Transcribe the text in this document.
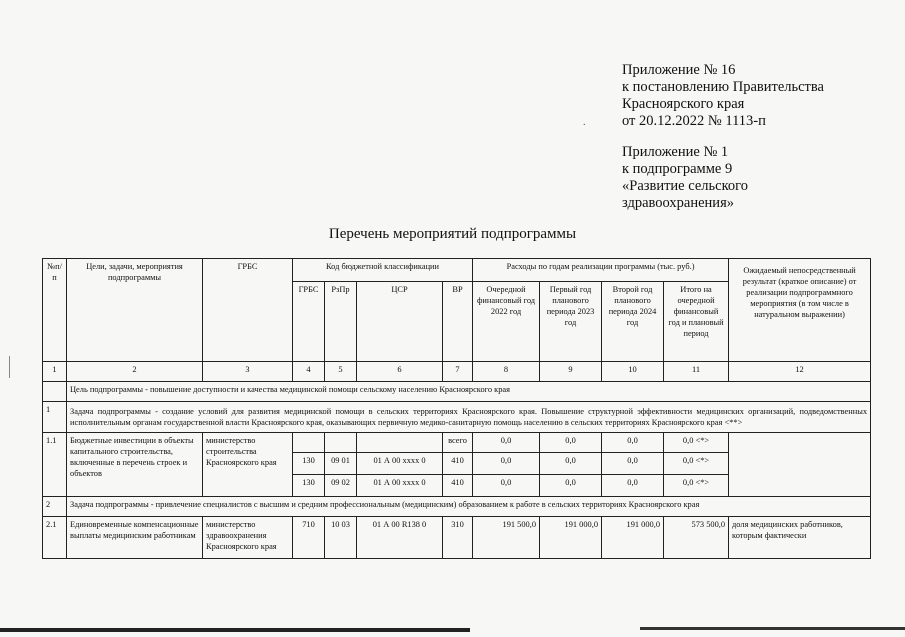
Приложение № 16
к постановлению Правительства
Красноярского края
от 20.12.2022 № 1113-п
Приложение № 1
к подпрограмме 9
«Развитие сельского
здравоохранения»
.
Перечень мероприятий подпрограммы
№п/п	Цели, задачи, мероприятия подпрограммы	ГРБС	Код бюджетной классификации				Расходы по годам реализации программы (тыс. руб.)				Ожидаемый непосредственный результат (краткое описание) от реализации подпрограммного мероприятия (в том числе в натуральном выражении)
			ГРБС	РзПр	ЦСР	ВР	Очередной финансовый год 2022 год	Первый год планового периода 2023 год	Второй год планового периода 2024 год	Итого на очередной финансовый год и плановый период	
1	2	3	4	5	6	7	8	9	10	11	12
	Цель подпрограммы - повышение доступности и качества медицинской помощи сельскому населению Красноярского края										
1	Задача подпрограммы - создание условий для развития медицинской помощи в сельских территориях Красноярского края. Повышение структурной эффективности медицинских организаций, подведомственных исполнительным органам государственной власти Красноярского края, оказывающих первичную медико-санитарную помощь населению в сельских территориях Красноярского края <**>										
1.1	Бюджетные инвестиции в объекты капитального строительства, включенные в перечень строек и объектов	министерство строительства Красноярского края				всего	0,0	0,0	0,0	0,0 <*>	
			130	09 01	01 А 00 xxxx 0	410	0,0	0,0	0,0	0,0 <*>	
			130	09 02	01 А 00 xxxx 0	410	0,0	0,0	0,0	0,0 <*>	
2	Задача подпрограммы - привлечение специалистов с высшим и средним профессиональным (медицинским) образованием к работе в сельских территориях Красноярского края										
2.1	Единовременные компенсационные выплаты медицинским работникам	министерство здравоохранения Красноярского края	710	10 03	01 А 00 R138 0	310	191 500,0	191 000,0	191 000,0	573 500,0	доля медицинских работников, которым фактически
